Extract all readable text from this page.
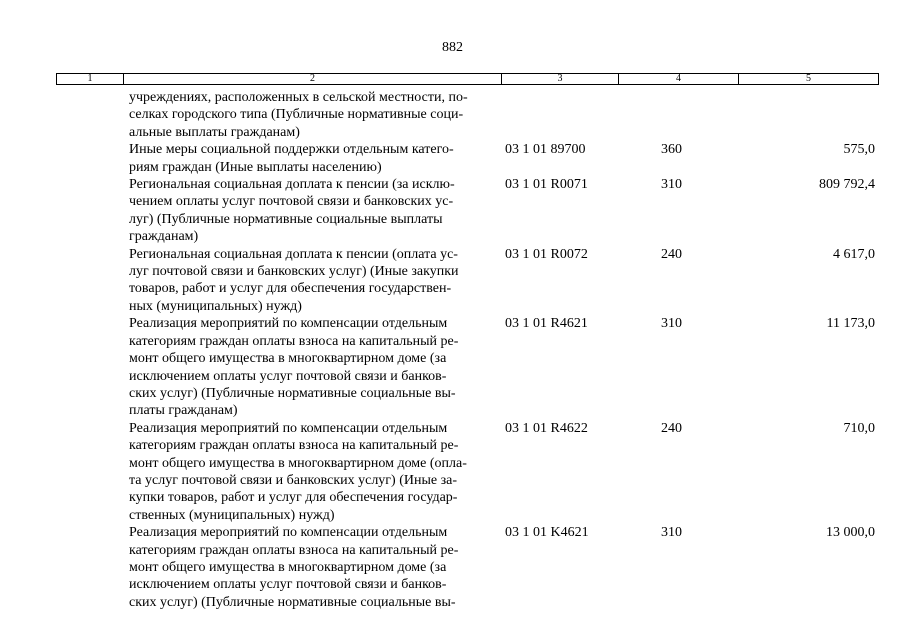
882
1	2	3	4	5
учреждениях, расположенных в сельской местности, по-
селках городского типа (Публичные нормативные соци-
альные выплаты гражданам)
Иные меры социальной поддержки отдельным катего-
риям граждан (Иные выплаты населению)
03 1 01 89700	360	575,0
Региональная социальная доплата к пенсии (за исклю-
чением оплаты услуг почтовой связи и банковских ус-
луг) (Публичные нормативные социальные выплаты
гражданам)
03 1 01 R0071	310	809 792,4
Региональная социальная доплата к пенсии (оплата ус-
луг почтовой связи и банковских услуг) (Иные закупки
товаров, работ и услуг для обеспечения государствен-
ных (муниципальных) нужд)
03 1 01 R0072	240	4 617,0
Реализация мероприятий по компенсации отдельным
категориям граждан оплаты взноса на капитальный ре-
монт общего имущества в многоквартирном доме (за
исключением оплаты услуг почтовой связи и банков-
ских услуг) (Публичные нормативные социальные вы-
платы гражданам)
03 1 01 R4621	310	11 173,0
Реализация мероприятий по компенсации отдельным
категориям граждан оплаты взноса на капитальный ре-
монт общего имущества в многоквартирном доме (опла-
та услуг почтовой связи и банковских услуг) (Иные за-
купки товаров, работ и услуг для обеспечения государ-
ственных (муниципальных) нужд)
03 1 01 R4622	240	710,0
Реализация мероприятий по компенсации отдельным
категориям граждан оплаты взноса на капитальный ре-
монт общего имущества в многоквартирном доме (за
исключением оплаты услуг почтовой связи и банков-
ских услуг) (Публичные нормативные социальные вы-
03 1 01 K4621	310	13 000,0
